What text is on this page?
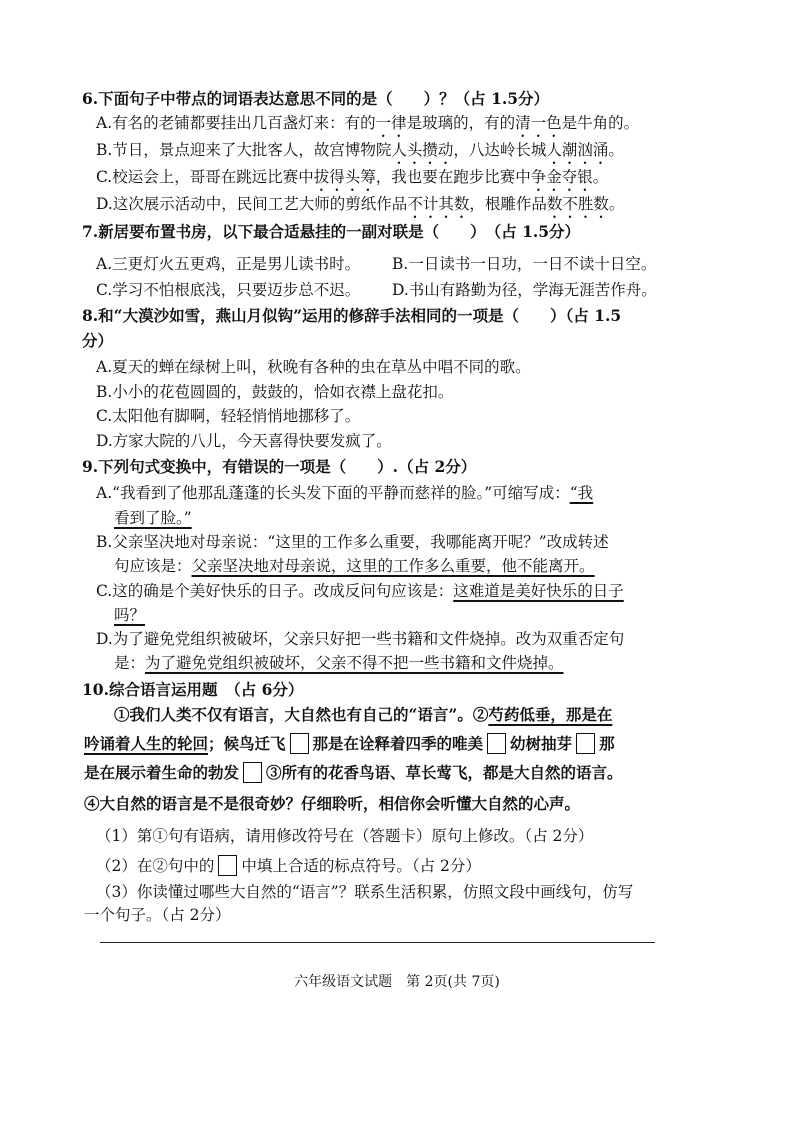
6.下面句子中带点的词语表达意思不同的是（　　）？（占 1.5分）
A.有名的老铺都要挂出几百盏灯来：有的一律是玻璃的，有的清一色是牛角的。
B.节日，景点迎来了大批客人，故宫博物院人头攒动，八达岭长城人潮汹涌。
C.校运会上，哥哥在跳远比赛中拔得头筹，我也要在跑步比赛中争金夺银。
D.这次展示活动中，民间工艺大师的剪纸作品不计其数，根雕作品数不胜数。
7.新居要布置书房，以下最合适悬挂的一副对联是（　　）　（占 1.5分）
A.三更灯火五更鸡，正是男儿读书时。 B.一日读书一日功，一日不读十日空。
C.学习不怕根底浅，只要迈步总不迟。 D.书山有路勤为径，学海无涯苦作舟。
8.和“大漠沙如雪，燕山月似钩”运用的修辞手法相同的一项是（　　）（占 1.5
分）
A.夏天的蝉在绿树上叫，秋晚有各种的虫在草丛中唱不同的歌。
B.小小的花苞圆圆的，鼓鼓的，恰如衣襟上盘花扣。
C.太阳他有脚啊，轻轻悄悄地挪移了。
D.方家大院的八儿，今天喜得快要发疯了。
9.下列句式变换中，有错误的一项是（　　）.（占 2分）
A.“我看到了他那乱蓬蓬的长头发下面的平静而慈祥的脸。”可缩写成：“我
看到了脸。”
B.父亲坚决地对母亲说：“这里的工作多么重要，我哪能离开呢？”改成转述
句应该是：父亲坚决地对母亲说，这里的工作多么重要，他不能离开。
C.这的确是个美好快乐的日子。改成反问句应该是：这难道是美好快乐的日子
吗？
D.为了避免党组织被破坏，父亲只好把一些书籍和文件烧掉。改为双重否定句
是：为了避免党组织被破坏，父亲不得不把一些书籍和文件烧掉。
10.综合语言运用题　（占 6分）
①我们人类不仅有语言，大自然也有自己的“语言”。②芍药低垂，那是在
吟诵着人生的轮回；候鸟迁飞 那是在诠释着四季的唯美 幼树抽芽 那
是在展示着生命的勃发 ③所有的花香鸟语、草长莺飞，都是大自然的语言。
④大自然的语言是不是很奇妙？仔细聆听，相信你会听懂大自然的心声。
（1）第①句有语病，请用修改符号在（答题卡）原句上修改。（占 2分）
（2）在②句中的 中填上合适的标点符号。（占 2分）
（3）你读懂过哪些大自然的“语言”？联系生活积累，仿照文段中画线句，仿写
一个句子。（占 2分）
六年级语文试题　第 2页(共 7页)
